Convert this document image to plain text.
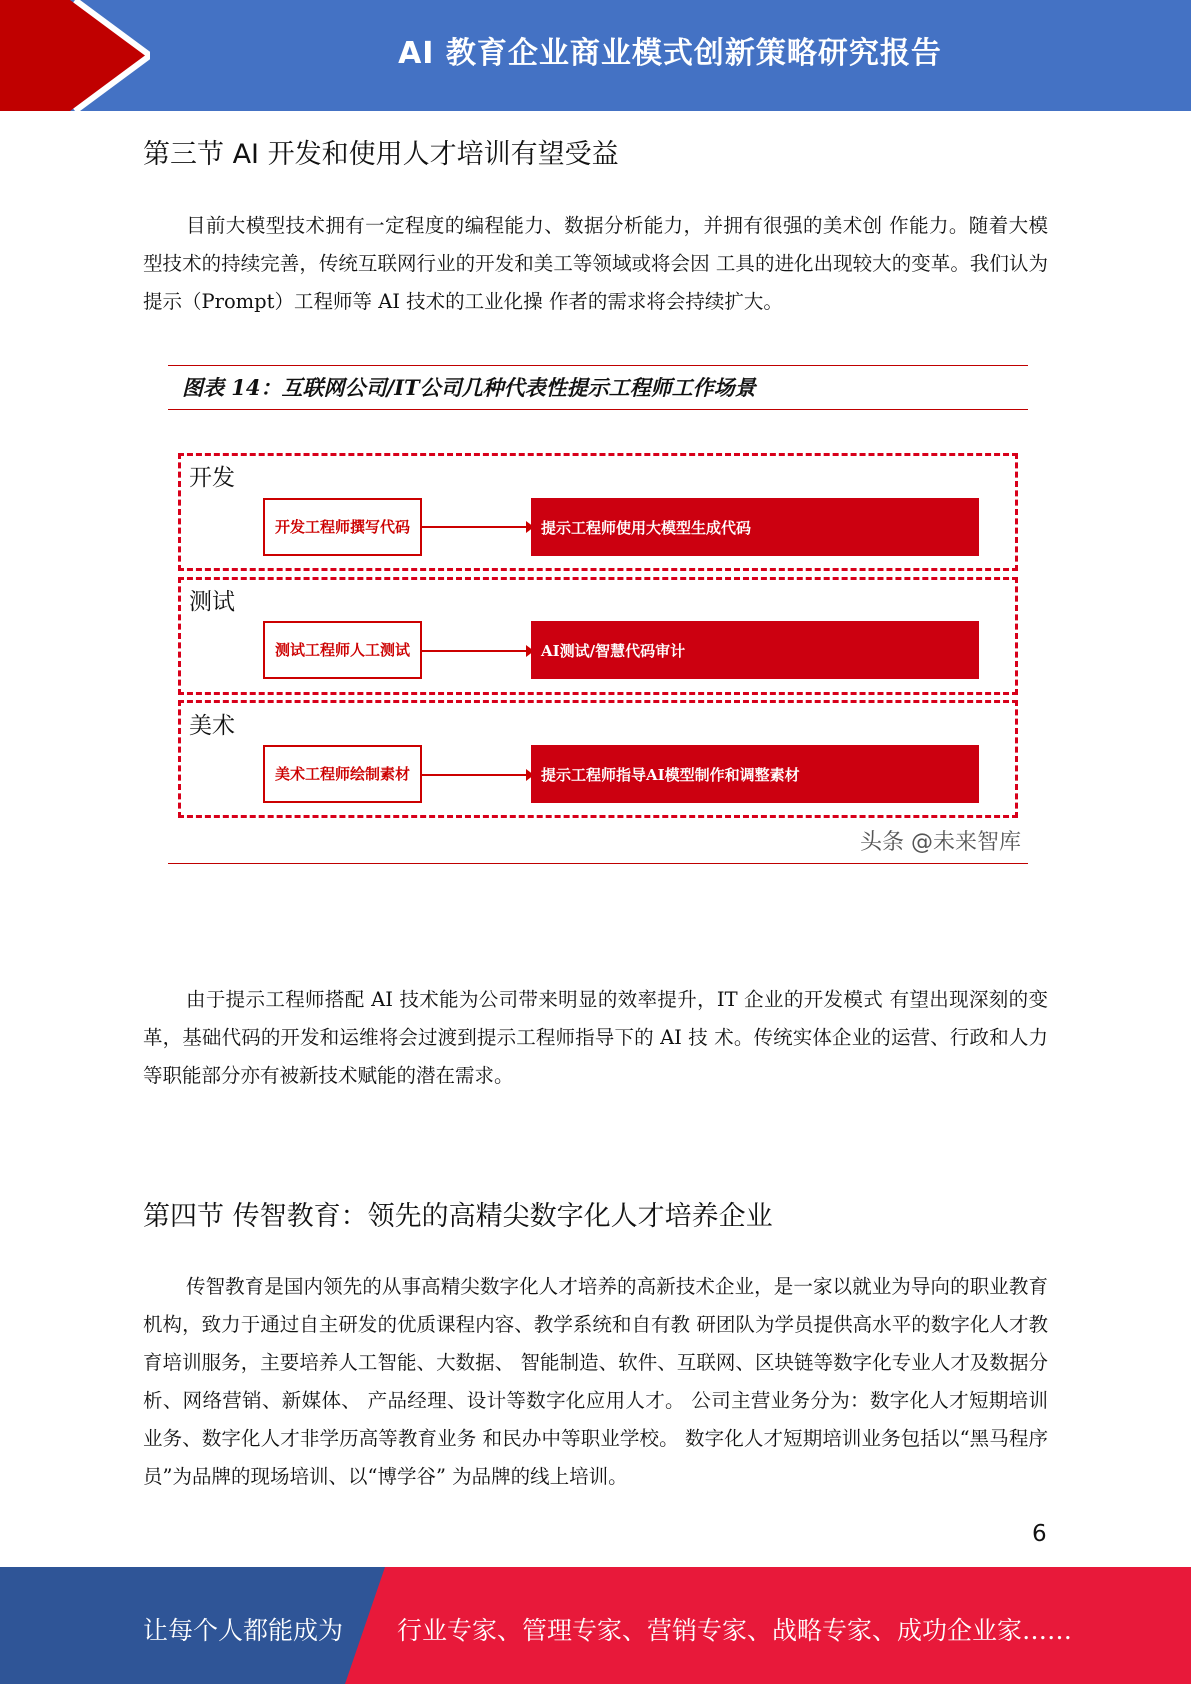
AI 教育企业商业模式创新策略研究报告
第三节 AI 开发和使用人才培训有望受益
目前大模型技术拥有一定程度的编程能力、数据分析能力，并拥有很强的美术创 作能力。随着大模型技术的持续完善，传统互联网行业的开发和美工等领域或将会因 工具的进化出现较大的变革。我们认为提示（Prompt）工程师等 AI 技术的工业化操 作者的需求将会持续扩大。
图表 14：互联网公司/IT公司几种代表性提示工程师工作场景
开发
开发工程师撰写代码	提示工程师使用大模型生成代码
测试
测试工程师人工测试	AI测试/智慧代码审计
美术
美术工程师绘制素材	提示工程师指导AI模型制作和调整素材
头条 @未来智库
由于提示工程师搭配 AI 技术能为公司带来明显的效率提升，IT 企业的开发模式 有望出现深刻的变革，基础代码的开发和运维将会过渡到提示工程师指导下的 AI 技 术。传统实体企业的运营、行政和人力等职能部分亦有被新技术赋能的潜在需求。
第四节 传智教育：领先的高精尖数字化人才培养企业
传智教育是国内领先的从事高精尖数字化人才培养的高新技术企业，是一家以就业为导向的职业教育机构，致力于通过自主研发的优质课程内容、教学系统和自有教 研团队为学员提供高水平的数字化人才教育培训服务，主要培养人工智能、大数据、 智能制造、软件、互联网、区块链等数字化专业人才及数据分析、网络营销、新媒体、 产品经理、设计等数字化应用人才。 公司主营业务分为：数字化人才短期培训业务、数字化人才非学历高等教育业务 和民办中等职业学校。 数字化人才短期培训业务包括以“黑马程序员”为品牌的现场培训、以“博学谷” 为品牌的线上培训。
6
让每个人都能成为 行业专家、管理专家、营销专家、战略专家、成功企业家……
